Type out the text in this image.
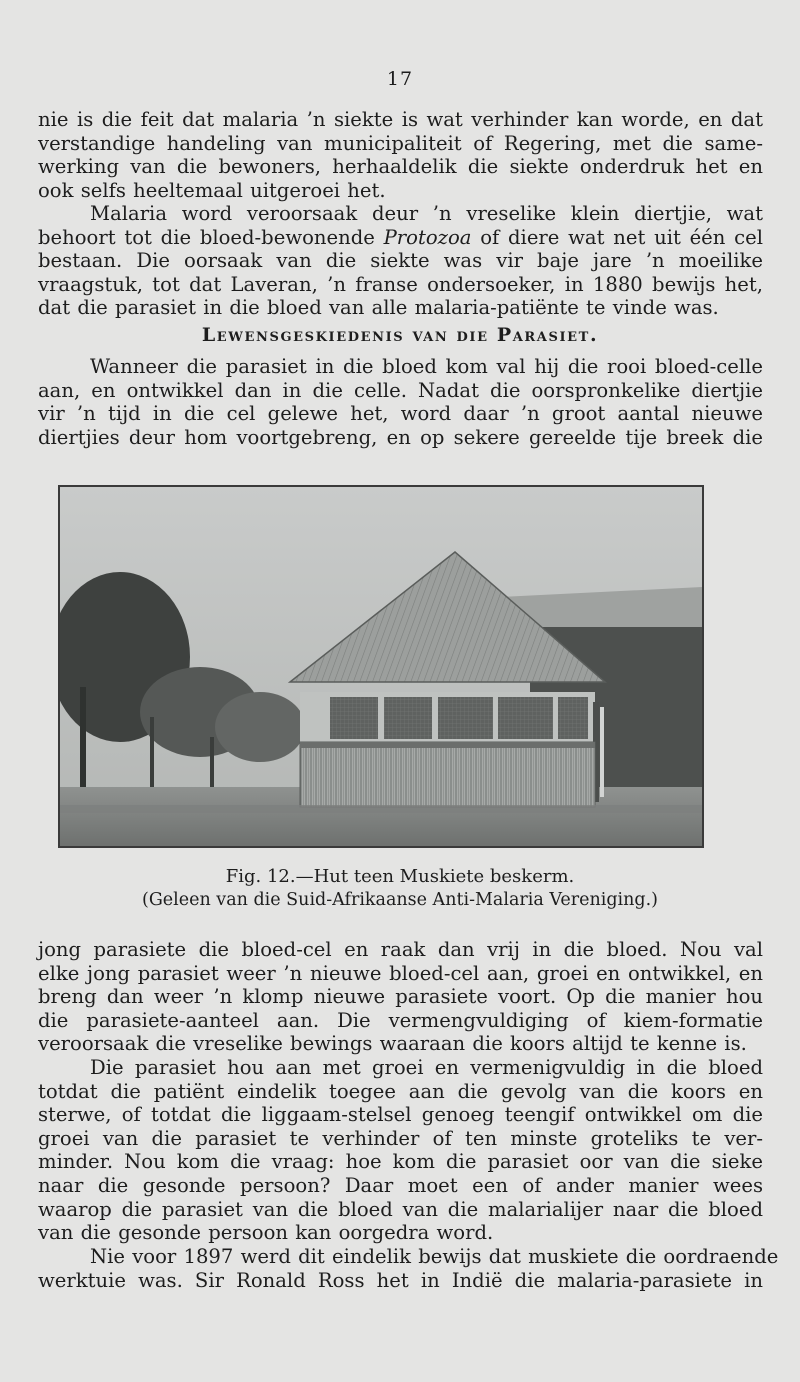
17
nie is die feit dat malaria ’n siekte is wat verhinder kan worde, en dat
verstandige handeling van municipaliteit of Regering, met die same-
werking van die bewoners, herhaaldelik die siekte onderdruk het en
ook selfs heeltemaal uitgeroei het.
Malaria word veroorsaak deur ’n vreselike klein diertjie, wat
behoort tot die bloed-bewonende Protozoa of diere wat net uit één cel
bestaan. Die oorsaak van die siekte was vir baje jare ’n moeilike
vraagstuk, tot dat Laveran, ’n franse ondersoeker, in 1880 bewijs het,
dat die parasiet in die bloed van alle malaria-patiënte te vinde was.
Lewensgeskiedenis van die Parasiet.
Wanneer die parasiet in die bloed kom val hij die rooi bloed-celle
aan, en ontwikkel dan in die celle. Nadat die oorspronkelike diertjie
vir ’n tijd in die cel gelewe het, word daar ’n groot aantal nieuwe
diertjies deur hom voortgebreng, en op sekere gereelde tije breek die

Fig. 12.—Hut teen Muskiete beskerm.

(Geleen van die Suid-Afrikaanse Anti-Malaria Vereniging.)

jong parasiete die bloed-cel en raak dan vrij in die bloed. Nou val
elke jong parasiet weer ’n nieuwe bloed-cel aan, groei en ontwikkel, en
breng dan weer ’n klomp nieuwe parasiete voort. Op die manier hou
die parasiete-aanteel aan. Die vermengvuldiging of kiem-formatie
veroorsaak die vreselike bewings waaraan die koors altijd te kenne is.
Die parasiet hou aan met groei en vermenigvuldig in die bloed
totdat die patiënt eindelik toegee aan die gevolg van die koors en
sterwe, of totdat die liggaam-stelsel genoeg teengif ontwikkel om die
groei van die parasiet te verhinder of ten minste groteliks te ver-
minder. Nou kom die vraag: hoe kom die parasiet oor van die sieke
naar die gesonde persoon? Daar moet een of ander manier wees
waarop die parasiet van die bloed van die malarialijer naar die bloed
van die gesonde persoon kan oorgedra word.
Nie voor 1897 werd dit eindelik bewijs dat muskiete die oordraende
werktuie was. Sir Ronald Ross het in Indië die malaria-parasiete in
